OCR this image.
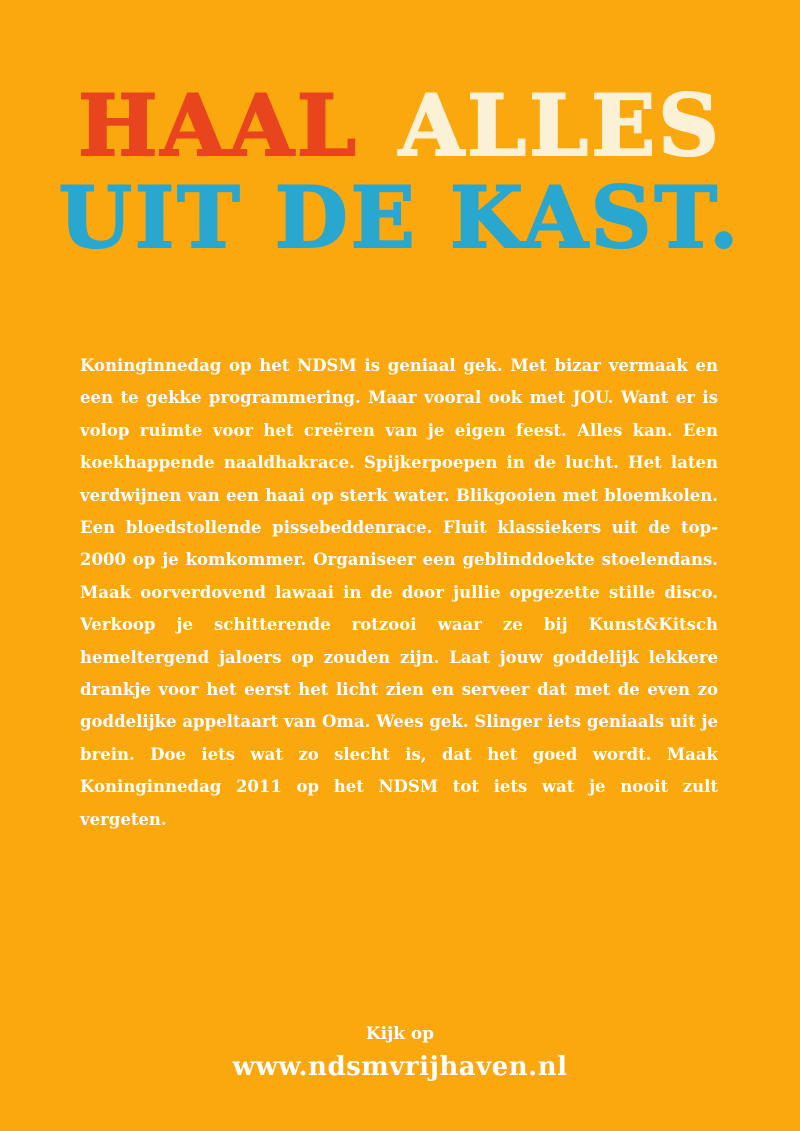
HAAL ALLES
UIT DE KAST.

Koninginnedag op het NDSM is geniaal gek. Met bizar vermaak en een te gekke programmering. Maar vooral ook met JOU. Want er is volop ruimte voor het creëren van je eigen feest. Alles kan. Een koekhappende naaldhakrace. Spijkerpoepen in de lucht. Het laten verdwijnen van een haai op sterk water. Blikgooien met bloemkolen. Een bloedstollende pissebeddenrace. Fluit klassiekers uit de top-2000 op je komkommer. Organiseer een geblinddoekte stoelendans. Maak oorverdovend lawaai in de door jullie opgezette stille disco. Verkoop je schitterende rotzooi waar ze bij Kunst&Kitsch hemeltergend jaloers op zouden zijn. Laat jouw goddelijk lekkere drankje voor het eerst het licht zien en serveer dat met de even zo goddelijke appeltaart van Oma. Wees gek. Slinger iets geniaals uit je brein. Doe iets wat zo slecht is, dat het goed wordt. Maak Koninginnedag 2011 op het NDSM tot iets wat je nooit zult vergeten.

Kijk op

www.ndsmvrijhaven.nl
